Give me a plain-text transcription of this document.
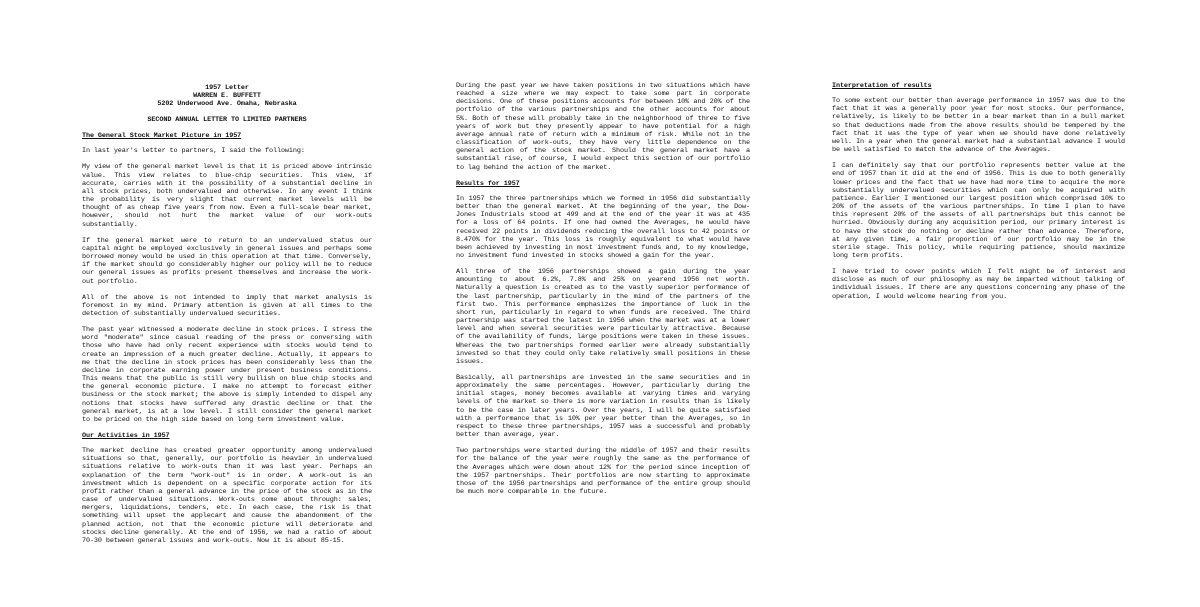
1957 Letter
WARREN E. BUFFETT
5202 Underwood Ave. Omaha, Nebraska
SECOND ANNUAL LETTER TO LIMITED PARTNERS
The General Stock Market Picture in 1957

In last year's letter to partners, I said the following:

My view of the general market level is that it is priced above intrinsic value. This view relates to blue-chip securities. This view, if accurate, carries with it the possibility of a substantial decline in all stock prices, both undervalued and otherwise. In any event I think the probability is very slight that current market levels will be thought of as cheap five years from now. Even a full-scale bear market, however, should not hurt the market value of our work-outs substantially.

If the general market were to return to an undervalued status our capital might be employed exclusively in general issues and perhaps some borrowed money would be used in this operation at that time. Conversely, if the market should go considerably higher our policy will be to reduce our general issues as profits present themselves and increase the work-out portfolio.

All of the above is not intended to imply that market analysis is foremost in my mind. Primary attention is given at all times to the detection of substantially undervalued securities.

The past year witnessed a moderate decline in stock prices. I stress the word "moderate" since casual reading of the press or conversing with those who have had only recent experience with stocks would tend to create an impression of a much greater decline. Actually, it appears to me that the decline in stock prices has been considerably less than the decline in corporate earning power under present business conditions. This means that the public is still very bullish on blue chip stocks and the general economic picture. I make no attempt to forecast either business or the stock market; the above is simply intended to dispel any notions that stocks have suffered any drastic decline or that the general market, is at a low level. I still consider the general market to be priced on the high side based on long term investment value.

Our Activities in 1957

The market decline has created greater opportunity among undervalued situations so that, generally, our portfolio is heavier in undervalued situations relative to work-outs than it was last year. Perhaps an explanation of the term "work-out" is in order. A work-out is an investment which is dependent on a specific corporate action for its profit rather than a general advance in the price of the stock as in the case of undervalued situations. Work-outs come about through: sales, mergers, liquidations, tenders, etc. In each case, the risk is that something will upset the applecart and cause the abandonment of the planned action, not that the economic picture will deteriorate and stocks decline generally. At the end of 1956, we had a ratio of about 70-30 between general issues and work-outs. Now it is about 85-15.

During the past year we have taken positions in two situations which have reached a size where we may expect to take some part in corporate decisions. One of these positions accounts for between 10% and 20% of the portfolio of the various partnerships and the other accounts for about 5%. Both of these will probably take in the neighborhood of three to five years of work but they presently appear to have potential for a high average annual rate of return with a minimum of risk. While not in the classification of work-outs, they have very little dependence on the general action of the stock market. Should the general market have a substantial rise, of course, I would expect this section of our portfolio to lag behind the action of the market.

Results for 1957

In 1957 the three partnerships which we formed in 1956 did substantially better than the general market. At the beginning of the year, the Dow-Jones Industrials stood at 499 and at the end of the year it was at 435 for a loss of 64 points. If one had owned the Averages, he would have received 22 points in dividends reducing the overall loss to 42 points or 8.470% for the year. This loss is roughly equivalent to what would have been achieved by investing in most investment funds and, to my knowledge, no investment fund invested in stocks showed a gain for the year.

All three of the 1956 partnerships showed a gain during the year amounting to about 6.2%, 7.8% and 25% on yearend 1956 net worth. Naturally a question is created as to the vastly superior performance of the last partnership, particularly in the mind of the partners of the first two. This performance emphasizes the importance of luck in the short run, particularly in regard to when funds are received. The third partnership was started the latest in 1956 when the market was at a lower level and when several securities were particularly attractive. Because of the availability of funds, large positions were taken in these issues. Whereas the two partnerships formed earlier were already substantially invested so that they could only take relatively small positions in these issues.

Basically, all partnerships are invested in the same securities and in approximately the same percentages. However, particularly during the initial stages, money becomes available at varying times and varying levels of the market so there is more variation in results than is likely to be the case in later years. Over the years, I will be quite satisfied with a performance that is 10% per year better than the Averages, so in respect to these three partnerships, 1957 was a successful and probably better than average, year.

Two partnerships were started during the middle of 1957 and their results for the balance of the year were roughly the same as the performance of the Averages which were down about 12% for the period since inception of the 1957 partnerships. Their portfolios are now starting to approximate those of the 1956 partnerships and performance of the entire group should be much more comparable in the future.

Interpretation of results

To some extent our better than average performance in 1957 was due to the fact that it was a generally poor year for most stocks. Our performance, relatively, is likely to be better in a bear market than in a bull market so that deductions made from the above results should be tempered by the fact that it was the type of year when we should have done relatively well. In a year when the general market had a substantial advance I would be well satisfied to match the advance of the Averages.

I can definitely say that our portfolio represents better value at the end of 1957 than it did at the end of 1956. This is due to both generally lower prices and the fact that we have had more time to acquire the more substantially undervalued securities which can only be acquired with patience. Earlier I mentioned our largest position which comprised 10% to 20% of the assets of the various partnerships. In time I plan to have this represent 20% of the assets of all partnerships but this cannot be hurried. Obviously during any acquisition period, our primary interest is to have the stock do nothing or decline rather than advance. Therefore, at any given time, a fair proportion of our portfolio may be in the sterile stage. This policy, while requiring patience, should maximize long term profits.

I have tried to cover points which I felt might be of interest and disclose as much of our philosophy as may be imparted without talking of individual issues. If there are any questions concerning any phase of the operation, I would welcome hearing from you.
